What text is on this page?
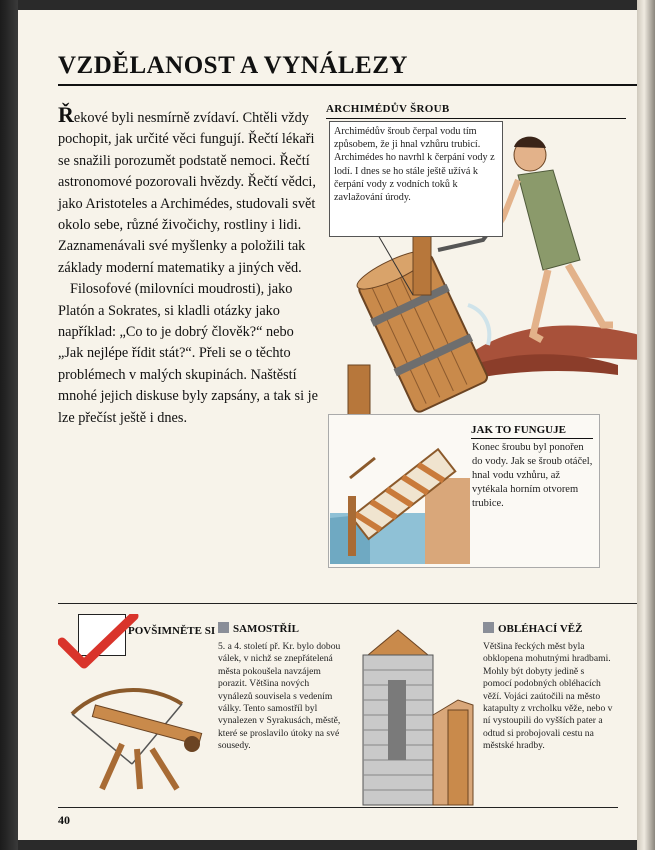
VZDĚLANOST A VYNÁLEZY

Řekové byli nesmírně zvídaví. Chtěli vždy pochopit, jak určité věci fungují. Řečtí lékaři se snažili porozumět podstatě nemoci. Řečtí astronomové pozorovali hvězdy. Řečtí vědci, jako Aristoteles a Archimédes, studovali svět okolo sebe, různé živočichy, rostliny i lidi. Zaznamenávali své myšlenky a položili tak základy moderní matematiky a jiných věd.

Filosofové (milovníci moudrosti), jako Platón a Sokrates, si kladli otázky jako například: „Co to je dobrý člověk?“ nebo „Jak nejlépe řídit stát?“. Přeli se o těchto problémech v malých skupinách. Naštěstí mnohé jejich diskuse byly zapsány, a tak si je lze přečíst ještě i dnes.

ARCHIMÉDŮV ŠROUB
Archimédův šroub čerpal vodu tím způsobem, že ji hnal vzhůru trubicí. Archimédes ho navrhl k čerpání vody z lodí. I dnes se ho stále ještě užívá k čerpání vody z vodních toků k zavlažování úrody.
JAK TO FUNGUJE
Konec šroubu byl ponořen do vody. Jak se šroub otáčel, hnal vodu vzhůru, až vytékala horním otvorem trubice.
POVŠIMNĚTE SI	SAMOSTŘÍL
5. a 4. století př. Kr. bylo dobou válek, v nichž se znepřátelená města pokoušela navzájem porazit. Většina nových vynálezů souvisela s vedením války. Tento samostříl byl vynalezen v Syrakusách, městě, které se proslavilo útoky na své sousedy.
OBLÉHACÍ VĚŽ
Většina řeckých měst byla obklopena mohutnými hradbami. Mohly být dobyty jedině s pomocí podobných obléhacích věží. Vojáci zaútočili na město katapulty z vrcholku věže, nebo v ní vystoupili do vyšších pater a odtud si probojovali cestu na městské hradby.
40
